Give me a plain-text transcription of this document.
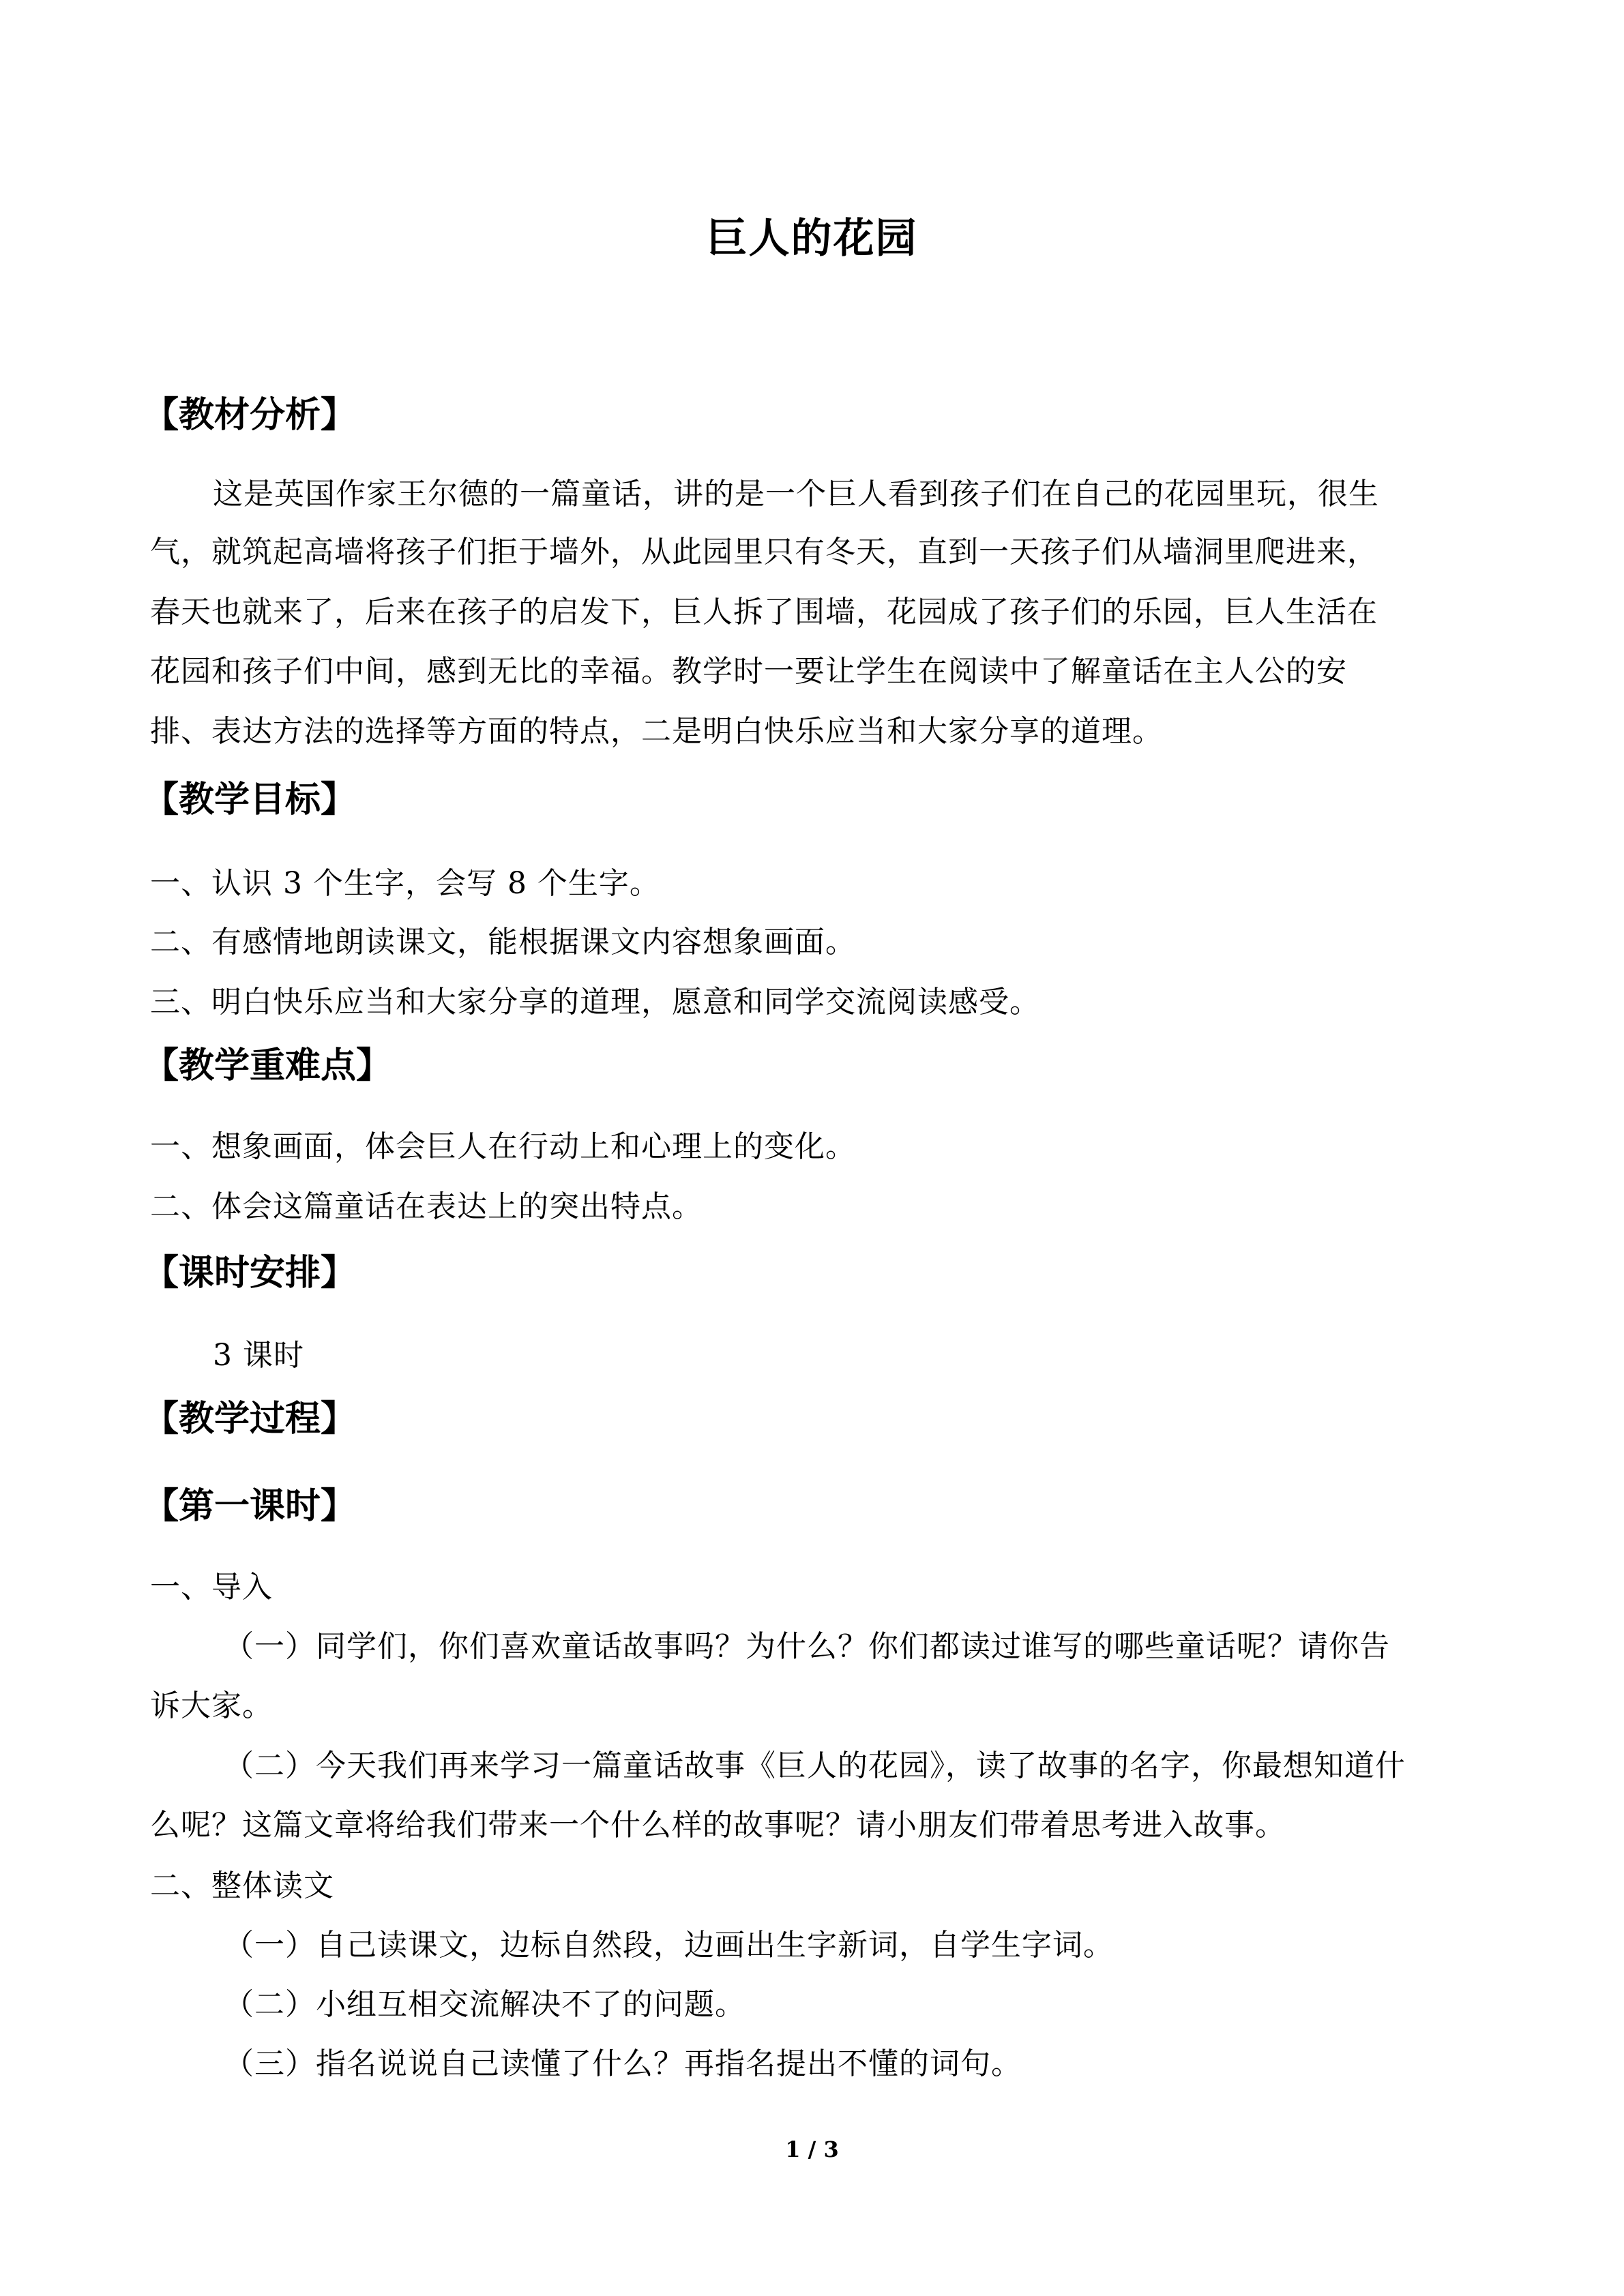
巨人的花园
【教材分析】
这是英国作家王尔德的一篇童话，讲的是一个巨人看到孩子们在自己的花园里玩，很生
气，就筑起高墙将孩子们拒于墙外，从此园里只有冬天，直到一天孩子们从墙洞里爬进来，
春天也就来了，后来在孩子的启发下，巨人拆了围墙，花园成了孩子们的乐园，巨人生活在
花园和孩子们中间，感到无比的幸福。教学时一要让学生在阅读中了解童话在主人公的安
排、表达方法的选择等方面的特点，二是明白快乐应当和大家分享的道理。
【教学目标】
一、认识 3 个生字，会写 8 个生字。
二、有感情地朗读课文，能根据课文内容想象画面。
三、明白快乐应当和大家分享的道理，愿意和同学交流阅读感受。
【教学重难点】
一、想象画面，体会巨人在行动上和心理上的变化。
二、体会这篇童话在表达上的突出特点。
【课时安排】
3 课时
【教学过程】
【第一课时】
一、导入
（一）同学们，你们喜欢童话故事吗？为什么？你们都读过谁写的哪些童话呢？请你告
诉大家。
（二）今天我们再来学习一篇童话故事《巨人的花园》，读了故事的名字，你最想知道什
么呢？这篇文章将给我们带来一个什么样的故事呢？请小朋友们带着思考进入故事。
二、整体读文
（一）自己读课文，边标自然段，边画出生字新词，自学生字词。
（二）小组互相交流解决不了的问题。
（三）指名说说自己读懂了什么？再指名提出不懂的词句。
1 / 3
